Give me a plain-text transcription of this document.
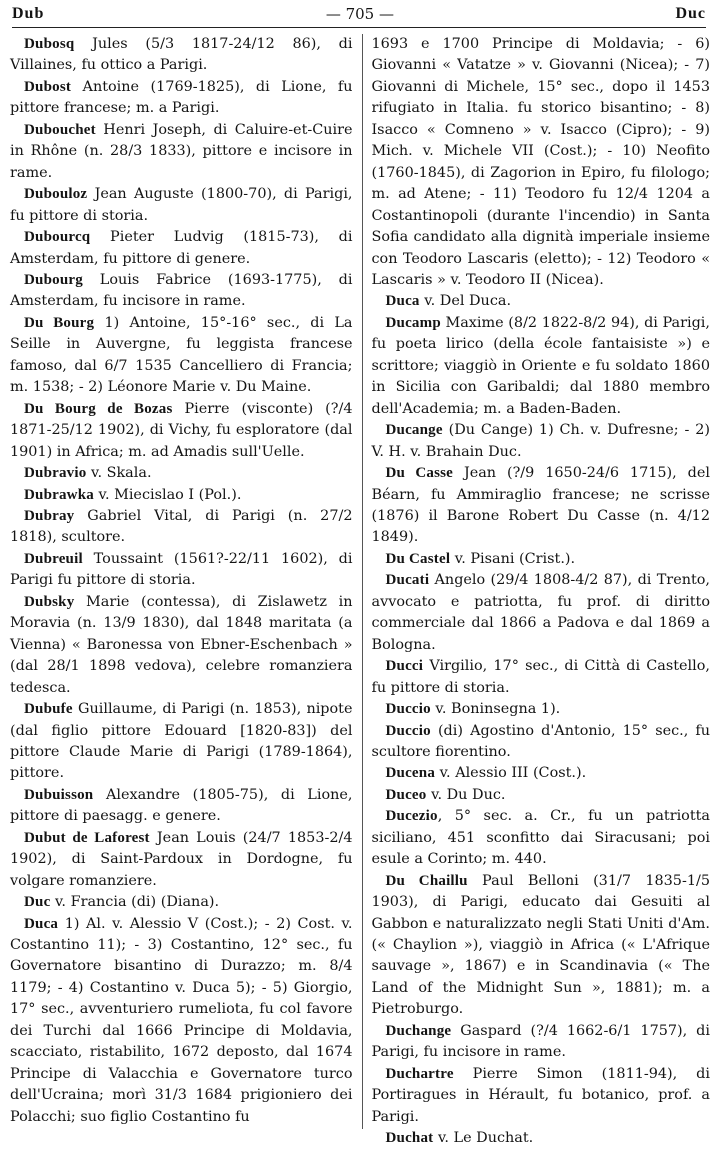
Dub	— 705 —	Duc

Dubosq Jules (5/3 1817-24/12 86), di Villaines, fu ottico a Parigi.

Dubost Antoine (1769-1825), di Lione, fu pittore francese; m. a Parigi.

Dubouchet Henri Joseph, di Caluire-et-Cuire in Rhône (n. 28/3 1833), pittore e incisore in rame.

Dubouloz Jean Auguste (1800-70), di Parigi, fu pittore di storia.

Dubourcq Pieter Ludvig (1815-73), di Amsterdam, fu pittore di genere.

Dubourg Louis Fabrice (1693-1775), di Amsterdam, fu incisore in rame.

Du Bourg 1) Antoine, 15°-16° sec., di La Seille in Auvergne, fu leggista francese famoso, dal 6/7 1535 Cancelliero di Francia; m. 1538; - 2) Léonore Marie v. Du Maine.

Du Bourg de Bozas Pierre (visconte) (?/4 1871-25/12 1902), di Vichy, fu esploratore (dal 1901) in Africa; m. ad Amadis sull'Uelle.

Dubravio v. Skala.

Dubrawka v. Miecislao I (Pol.).

Dubray Gabriel Vital, di Parigi (n. 27/2 1818), scultore.

Dubreuil Toussaint (1561?-22/11 1602), di Parigi fu pittore di storia.

Dubsky Marie (contessa), di Zislawetz in Moravia (n. 13/9 1830), dal 1848 maritata (a Vienna) « Baronessa von Ebner-Eschenbach » (dal 28/1 1898 vedova), celebre romanziera tedesca.

Dubufe Guillaume, di Parigi (n. 1853), nipote (dal figlio pittore Edouard [1820-83]) del pittore Claude Marie di Parigi (1789-1864), pittore.

Dubuisson Alexandre (1805-75), di Lione, pittore di paesagg. e genere.

Dubut de Laforest Jean Louis (24/7 1853-2/4 1902), di Saint-Pardoux in Dordogne, fu volgare romanziere.

Duc v. Francia (di) (Diana).

Duca 1) Al. v. Alessio V (Cost.); - 2) Cost. v. Costantino 11); - 3) Costantino, 12° sec., fu Governatore bisantino di Durazzo; m. 8/4 1179; - 4) Costantino v. Duca 5); - 5) Giorgio, 17° sec., avventuriero rumeliota, fu col favore dei Turchi dal 1666 Principe di Moldavia, scacciato, ristabilito, 1672 deposto, dal 1674 Principe di Valacchia e Governatore turco dell'Ucraina; morì 31/3 1684 prigioniero dei Polacchi; suo figlio Costantino fu

1693 e 1700 Principe di Moldavia; - 6) Giovanni « Vatatze » v. Giovanni (Nicea); - 7) Giovanni di Michele, 15° sec., dopo il 1453 rifugiato in Italia. fu storico bisantino; - 8) Isacco « Comneno » v. Isacco (Cipro); - 9) Mich. v. Michele VII (Cost.); - 10) Neofito (1760-1845), di Zagorion in Epiro, fu filologo; m. ad Atene; - 11) Teodoro fu 12/4 1204 a Costantinopoli (durante l'incendio) in Santa Sofia candidato alla dignità imperiale insieme con Teodoro Lascaris (eletto); - 12) Teodoro « Lascaris » v. Teodoro II (Nicea).

Duca v. Del Duca.

Ducamp Maxime (8/2 1822-8/2 94), di Parigi, fu poeta lirico (della école fantaisiste ») e scrittore; viaggiò in Oriente e fu soldato 1860 in Sicilia con Garibaldi; dal 1880 membro dell'Academia; m. a Baden-Baden.

Ducange (Du Cange) 1) Ch. v. Dufresne; - 2) V. H. v. Brahain Duc.

Du Casse Jean (?/9 1650-24/6 1715), del Béarn, fu Ammiraglio francese; ne scrisse (1876) il Barone Robert Du Casse (n. 4/12 1849).

Du Castel v. Pisani (Crist.).

Ducati Angelo (29/4 1808-4/2 87), di Trento, avvocato e patriotta, fu prof. di diritto commerciale dal 1866 a Padova e dal 1869 a Bologna.

Ducci Virgilio, 17° sec., di Città di Castello, fu pittore di storia.

Duccio v. Boninsegna 1).

Duccio (di) Agostino d'Antonio, 15° sec., fu scultore fiorentino.

Ducena v. Alessio III (Cost.).

Duceo v. Du Duc.

Ducezio, 5° sec. a. Cr., fu un patriotta siciliano, 451 sconfitto dai Siracusani; poi esule a Corinto; m. 440.

Du Chaillu Paul Belloni (31/7 1835-1/5 1903), di Parigi, educato dai Gesuiti al Gabbon e naturalizzato negli Stati Uniti d'Am. (« Chaylion »), viaggiò in Africa (« L'Afrique sauvage », 1867) e in Scandinavia (« The Land of the Midnight Sun », 1881); m. a Pietroburgo.

Duchange Gaspard (?/4 1662-6/1 1757), di Parigi, fu incisore in rame.

Duchartre Pierre Simon (1811-94), di Portiragues in Hérault, fu botanico, prof. a Parigi.

Duchat v. Le Duchat.
